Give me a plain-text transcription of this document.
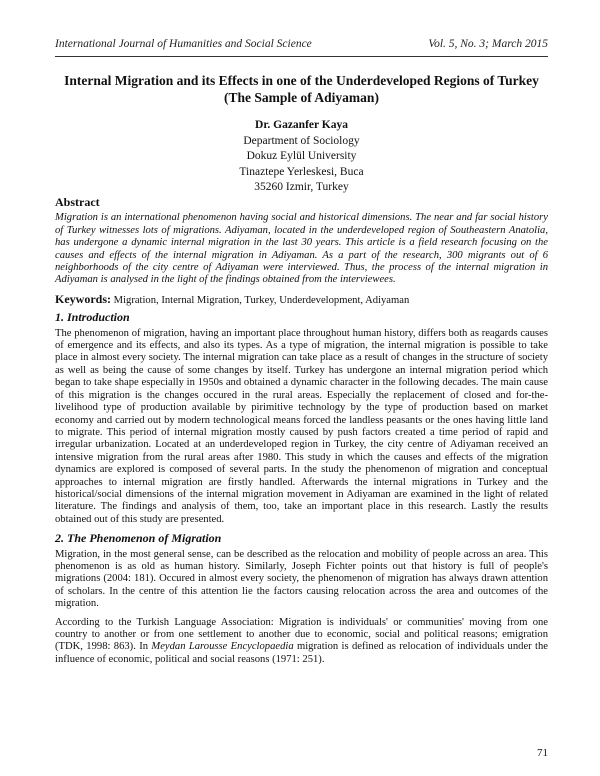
International Journal of Humanities and Social Science	Vol. 5, No. 3; March 2015
Internal Migration and its Effects in one of the Underdeveloped Regions of Turkey
(The Sample of Adiyaman)
Dr. Gazanfer Kaya
Department of Sociology
Dokuz Eylül University
Tinaztepe Yerleskesi, Buca
35260 Izmir, Turkey
Abstract

Migration is an international phenomenon having social and historical dimensions. The near and far social history of Turkey witnesses lots of migrations. Adiyaman, located in the underdeveloped region of Southeastern Anatolia, has undergone a dynamic internal migration in the last 30 years. This article is a field research focusing on the causes and effects of the internal migration in Adiyaman. As a part of the research, 300 migrants out of 6 neighborhoods of the city centre of Adiyaman were interviewed. Thus, the process of the internal migration in Adiyaman is analysed in the light of the findings obtained from the interviewees.

Keywords: Migration, Internal Migration, Turkey, Underdevelopment, Adiyaman

1. Introduction

The phenomenon of migration, having an important place throughout human history, differs both as reagards causes of emergence and its effects, and also its types. As a type of migration, the internal migration is possible to take place in almost every society. The internal migration can take place as a result of changes in the structure of society as well as being the cause of some changes by itself. Turkey has undergone an internal migration period which began to take shape especially in 1950s and obtained a dynamic character in the following decades. The main cause of this migration is the changes occured in the rural areas. Especially the replacement of closed and for-the-livelihood type of production available by pirimitive technology by the type of production based on market economy and carried out by modern technological means forced the landless peasants or the ones having little land to migrate. This period of internal migration mostly caused by push factors created a time period of rapid and irregular urbanization. Located at an underdeveloped region in Turkey, the city centre of Adiyaman received an intensive migration from the rural areas after 1980. This study in which the causes and effects of the migration dynamics are explored is composed of several parts. In the study the phenomenon of migration and conceptual approaches to internal migration are firstly handled. Afterwards the internal migrations in Turkey and the historical/social dimensions of the internal migration movement in Adiyaman are examined in the light of related literature. The findings and analysis of them, too, take an important place in this research. Lastly the results obtained out of this study are presented.

2. The Phenomenon of Migration

Migration, in the most general sense, can be described as the relocation and mobility of people across an area. This phenomenon is as old as human history. Similarly, Joseph Fichter points out that history is full of people's migrations (2004: 181). Occured in almost every society, the phenomenon of migration has always drawn attention of scholars. In the centre of this attention lie the factors causing relocation across the area and outcomes of the migration.

According to the Turkish Language Association: Migration is individuals' or communities' moving from one country to another or from one settlement to another due to economic, social and political reasons; emigration (TDK, 1998: 863). In Meydan Larousse Encyclopaedia migration is defined as relocation of individuals under the influence of economic, political and social reasons (1971: 251).

71
